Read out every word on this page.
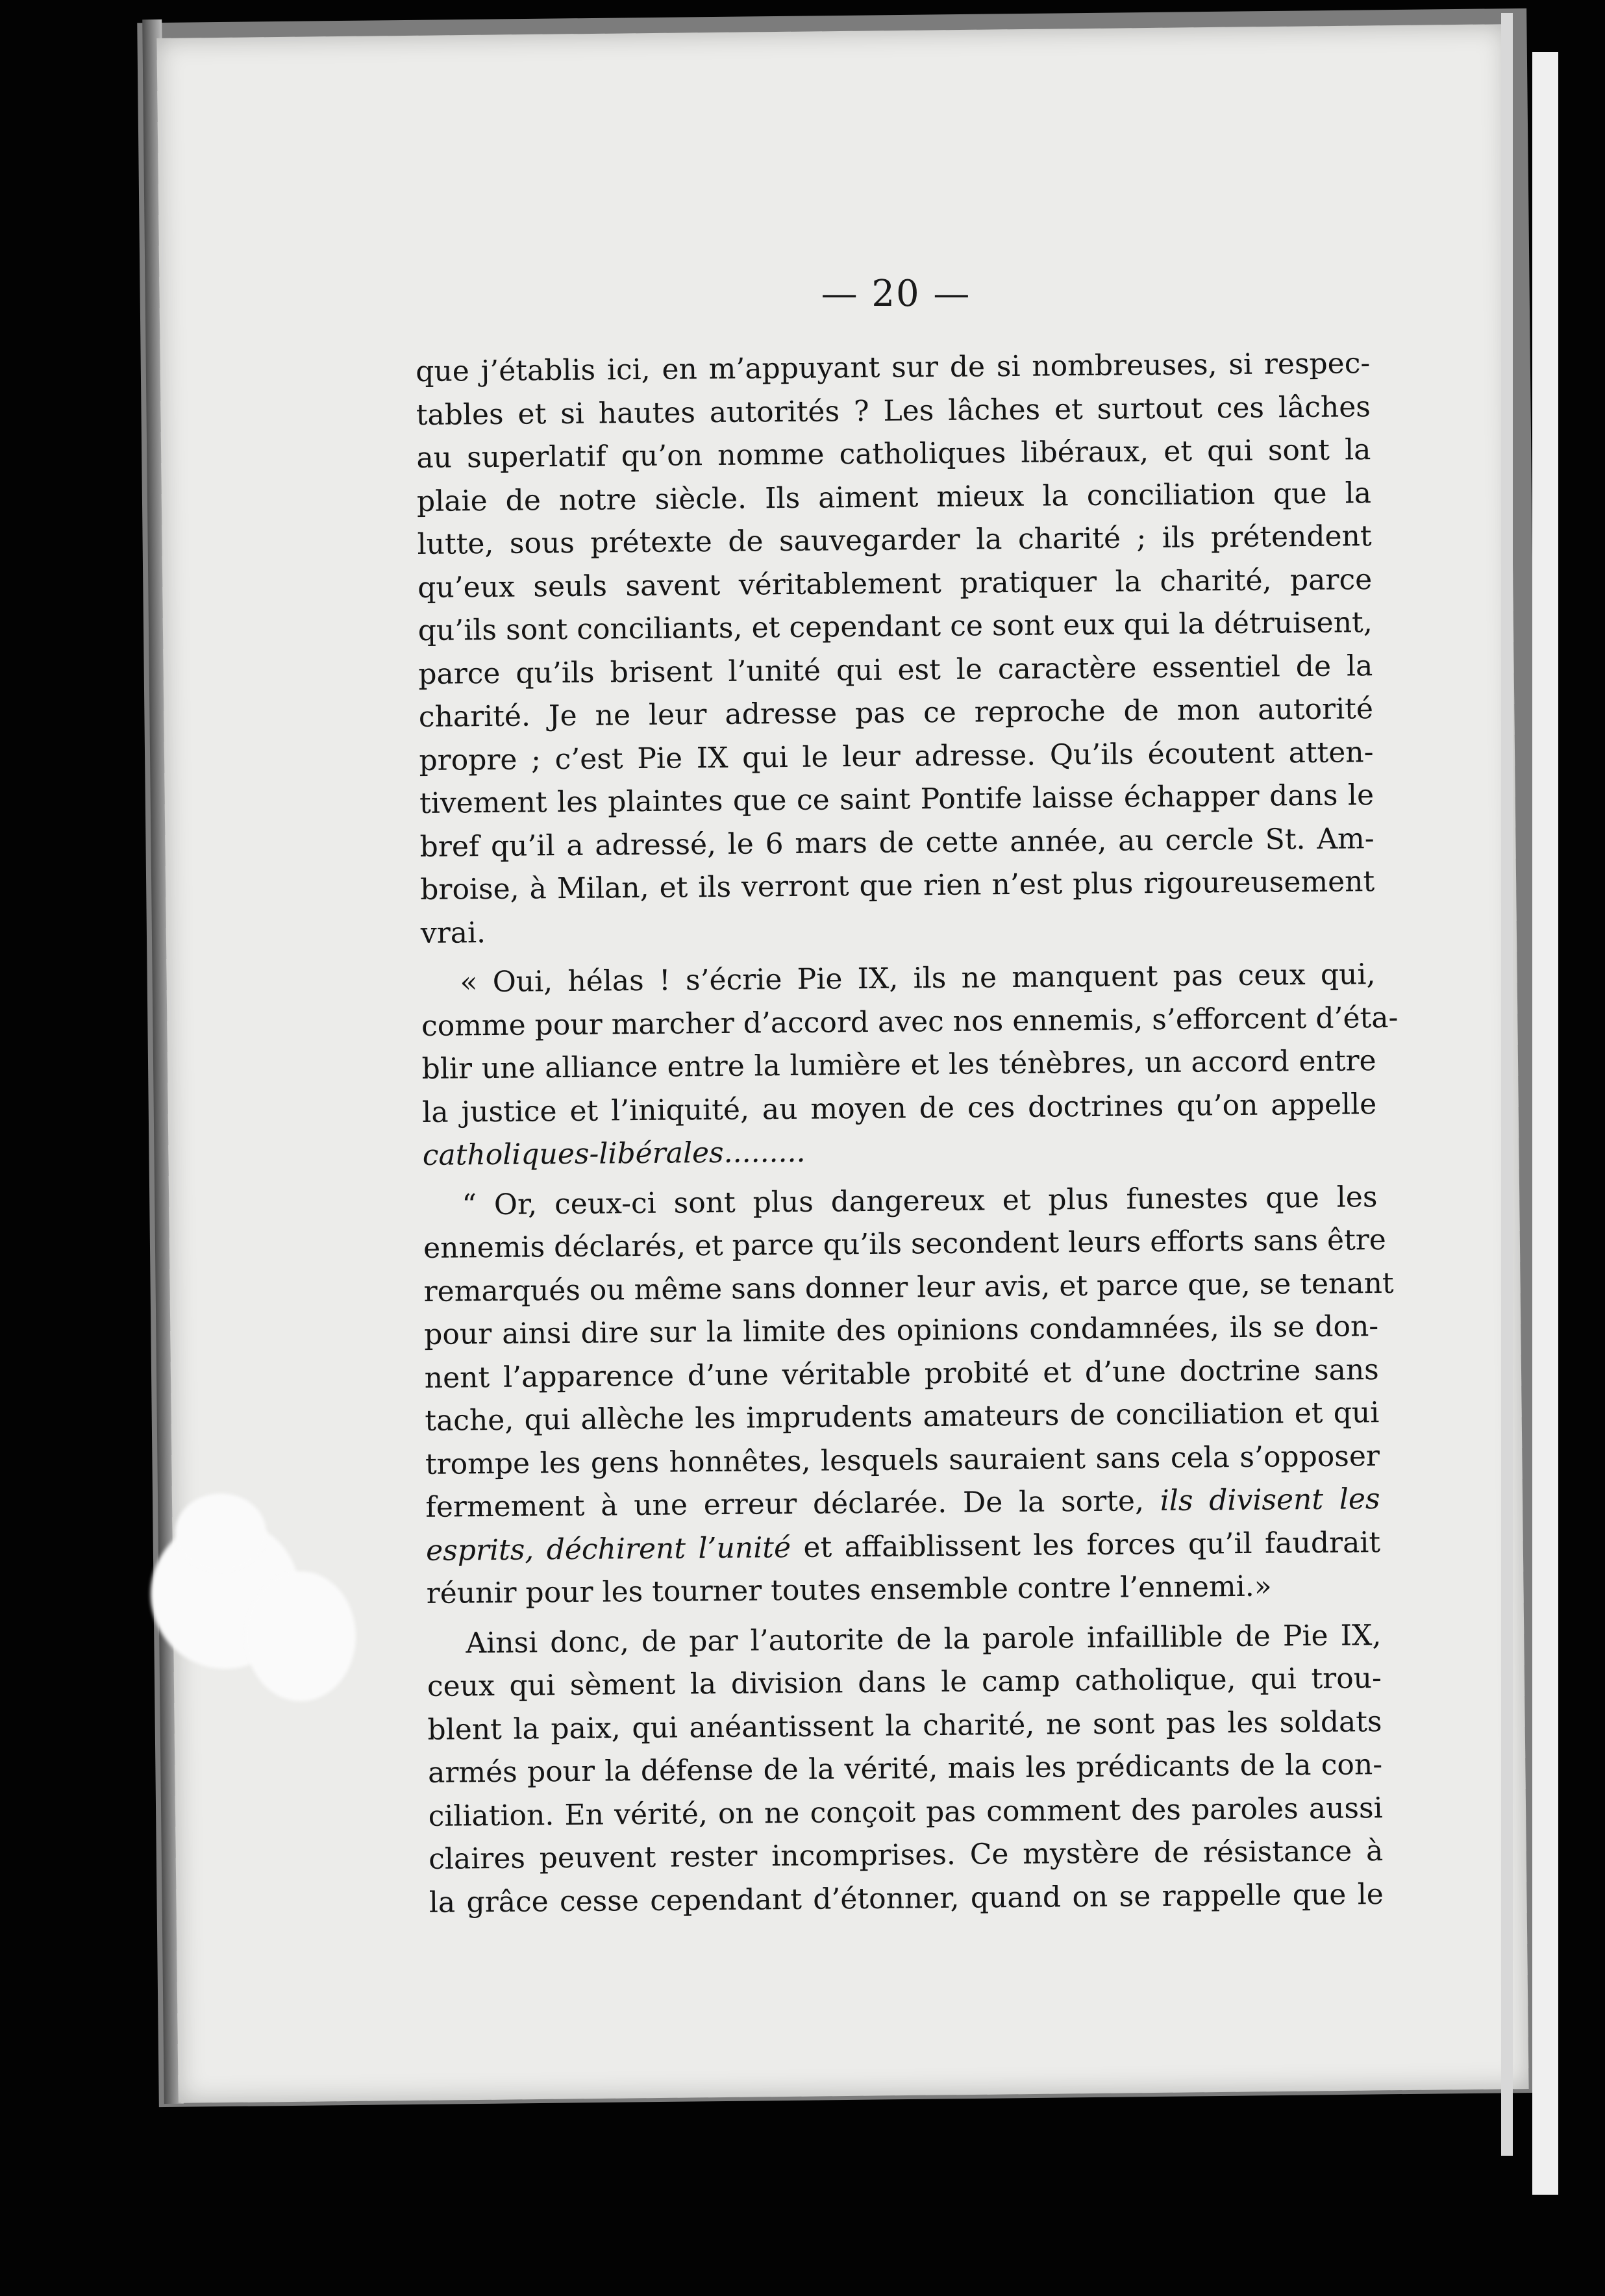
— 20 —
que j’établis ici, en m’appuyant sur de si nombreuses, si respec-
tables et si hautes autorités ? Les lâches et surtout ces lâches
au superlatif qu’on nomme catholiques libéraux, et qui sont la
plaie de notre siècle. Ils aiment mieux la conciliation que la
lutte, sous prétexte de sauvegarder la charité ; ils prétendent
qu’eux seuls savent véritablement pratiquer la charité, parce
qu’ils sont conciliants, et cependant ce sont eux qui la détruisent,
parce qu’ils brisent l’unité qui est le caractère essentiel de la
charité. Je ne leur adresse pas ce reproche de mon autorité
propre ; c’est Pie IX qui le leur adresse. Qu’ils écoutent atten-
tivement les plaintes que ce saint Pontife laisse échapper dans le
bref qu’il a adressé, le 6 mars de cette année, au cercle St. Am-
broise, à Milan, et ils verront que rien n’est plus rigoureusement
vrai.
« Oui, hélas ! s’écrie Pie IX, ils ne manquent pas ceux qui,
comme pour marcher d’accord avec nos ennemis, s’efforcent d’éta-
blir une alliance entre la lumière et les ténèbres, un accord entre
la justice et l’iniquité, au moyen de ces doctrines qu’on appelle
catholiques-libérales.........
“ Or, ceux-ci sont plus dangereux et plus funestes que les
ennemis déclarés, et parce qu’ils secondent leurs efforts sans être
remarqués ou même sans donner leur avis, et parce que, se tenant
pour ainsi dire sur la limite des opinions condamnées, ils se don-
nent l’apparence d’une véritable probité et d’une doctrine sans
tache, qui allèche les imprudents amateurs de conciliation et qui
trompe les gens honnêtes, lesquels sauraient sans cela s’opposer
fermement à une erreur déclarée. De la sorte, ils divisent les
esprits, déchirent l’unité et affaiblissent les forces qu’il faudrait
réunir pour les tourner toutes ensemble contre l’ennemi.»
Ainsi donc, de par l’autorite de la parole infaillible de Pie IX,
ceux qui sèment la division dans le camp catholique, qui trou-
blent la paix, qui anéantissent la charité, ne sont pas les soldats
armés pour la défense de la vérité, mais les prédicants de la con-
ciliation. En vérité, on ne conçoit pas comment des paroles aussi
claires peuvent rester incomprises. Ce mystère de résistance à
la grâce cesse cependant d’étonner, quand on se rappelle que le
